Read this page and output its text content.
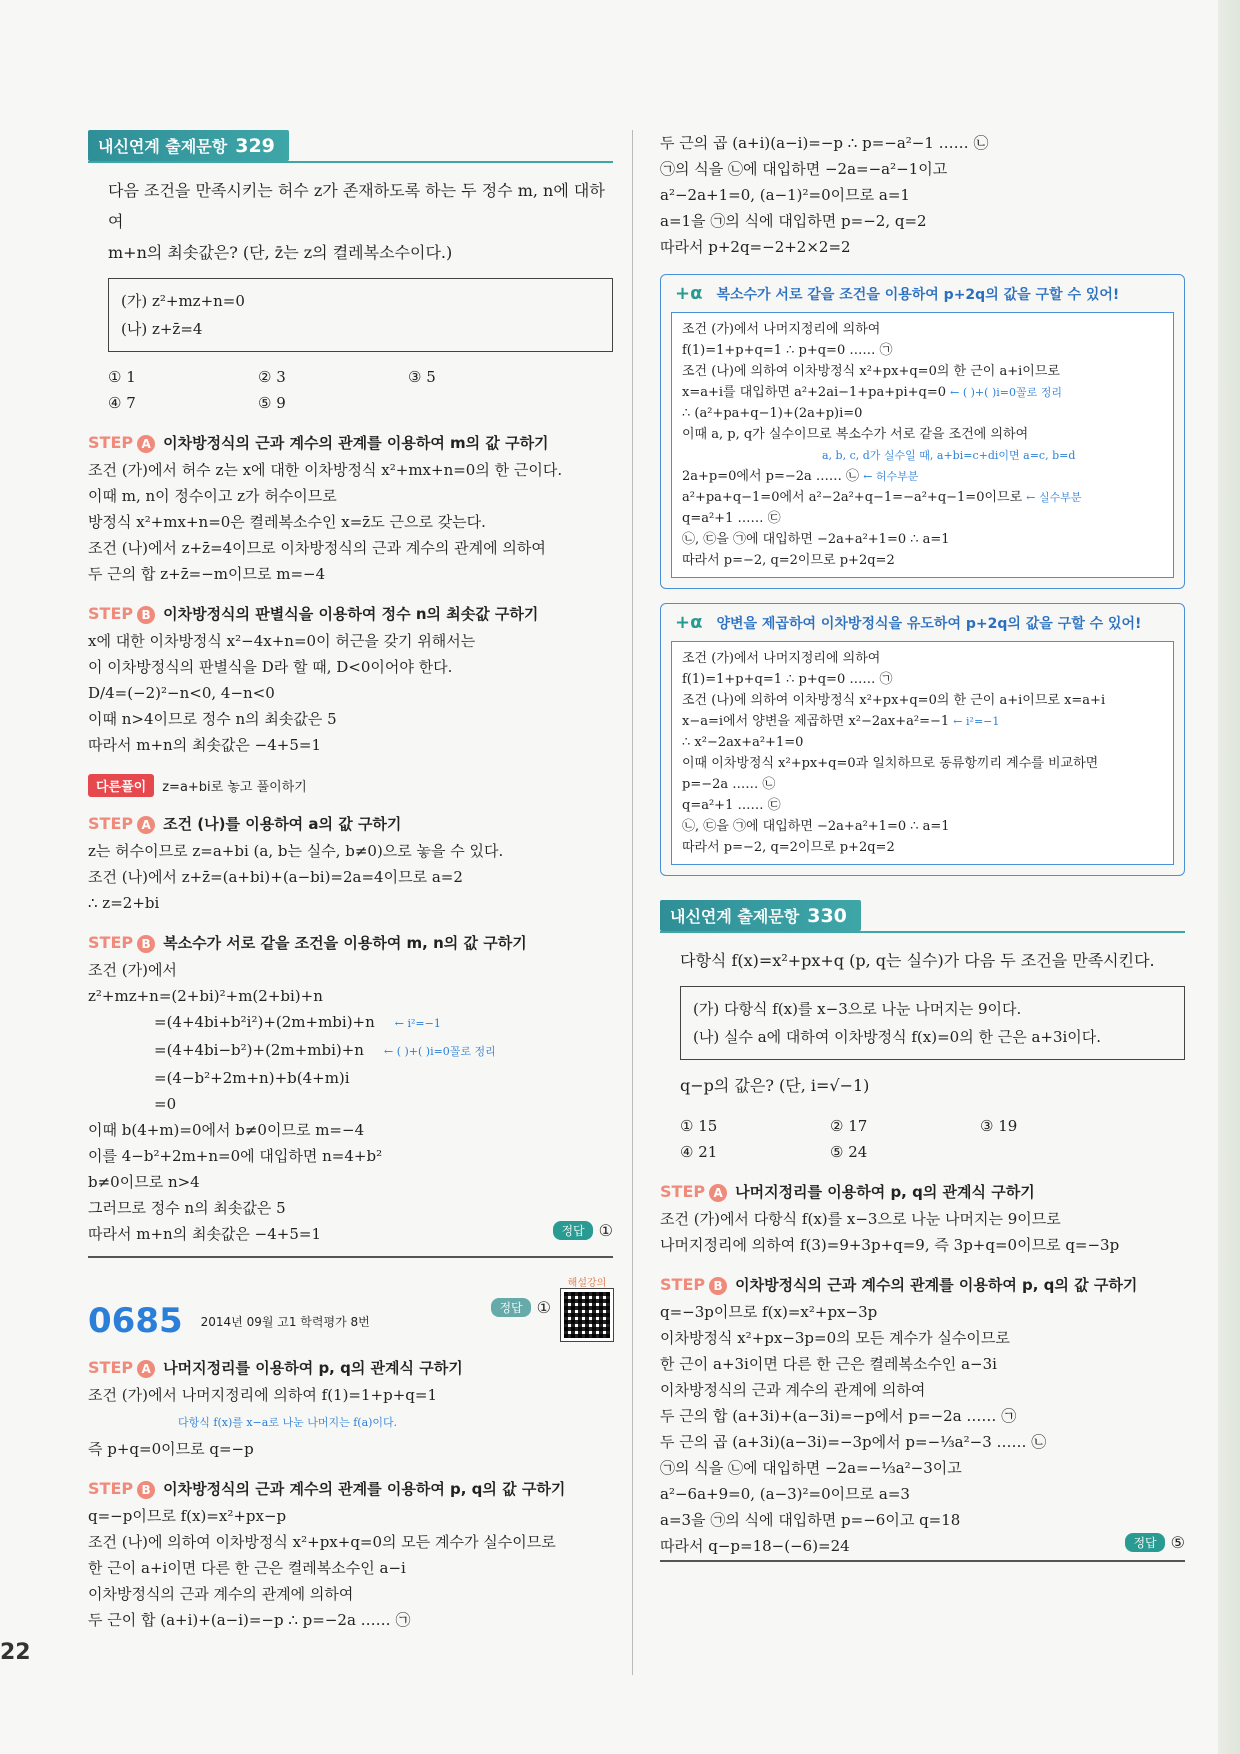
내신연계 출제문항 329
다음 조건을 만족시키는 허수 z가 존재하도록 하는 두 정수 m, n에 대하여
m+n의 최솟값은? (단, z̄는 z의 켤레복소수이다.)
(가) z²+mz+n=0
(나) z+z̄=4
① 1	② 3	③ 5
④ 7	⑤ 9
STEP A 이차방정식의 근과 계수의 관계를 이용하여 m의 값 구하기
조건 (가)에서 허수 z는 x에 대한 이차방정식 x²+mx+n=0의 한 근이다.
이때 m, n이 정수이고 z가 허수이므로
방정식 x²+mx+n=0은 켤레복소수인 x=z̄도 근으로 갖는다.
조건 (나)에서 z+z̄=4이므로 이차방정식의 근과 계수의 관계에 의하여
두 근의 합 z+z̄=−m이므로 m=−4
STEP B 이차방정식의 판별식을 이용하여 정수 n의 최솟값 구하기
x에 대한 이차방정식 x²−4x+n=0이 허근을 갖기 위해서는
이 이차방정식의 판별식을 D라 할 때, D<0이어야 한다.
D/4=(−2)²−n<0, 4−n<0
이때 n>4이므로 정수 n의 최솟값은 5
따라서 m+n의 최솟값은 −4+5=1
다른풀이 z=a+bi로 놓고 풀이하기
STEP A 조건 (나)를 이용하여 a의 값 구하기
z는 허수이므로 z=a+bi (a, b는 실수, b≠0)으로 놓을 수 있다.
조건 (나)에서 z+z̄=(a+bi)+(a−bi)=2a=4이므로 a=2
∴ z=2+bi
STEP B 복소수가 서로 같을 조건을 이용하여 m, n의 값 구하기
조건 (가)에서
z²+mz+n=(2+bi)²+m(2+bi)+n
=(4+4bi+b²i²)+(2m+mbi)+n ← i²=−1
=(4+4bi−b²)+(2m+mbi)+n ← ( )+( )i=0꼴로 정리
=(4−b²+2m+n)+b(4+m)i
=0
이때 b(4+m)=0에서 b≠0이므로 m=−4
이를 4−b²+2m+n=0에 대입하면 n=4+b²
b≠0이므로 n>4
그러므로 정수 n의 최솟값은 5
따라서 m+n의 최솟값은 −4+5=1	정답 ①
0685 2014년 09월 고1 학력평가 8번
정답 ①
해설강의
STEP A 나머지정리를 이용하여 p, q의 관계식 구하기
조건 (가)에서 나머지정리에 의하여 f(1)=1+p+q=1
다항식 f(x)를 x−a로 나눈 나머지는 f(a)이다.
즉 p+q=0이므로 q=−p
STEP B 이차방정식의 근과 계수의 관계를 이용하여 p, q의 값 구하기
q=−p이므로 f(x)=x²+px−p
조건 (나)에 의하여 이차방정식 x²+px+q=0의 모든 계수가 실수이므로
한 근이 a+i이면 다른 한 근은 켤레복소수인 a−i
이차방정식의 근과 계수의 관계에 의하여
두 근이 합 (a+i)+(a−i)=−p ∴ p=−2a …… ㉠
두 근의 곱 (a+i)(a−i)=−p ∴ p=−a²−1 …… ㉡
㉠의 식을 ㉡에 대입하면 −2a=−a²−1이고
a²−2a+1=0, (a−1)²=0이므로 a=1
a=1을 ㉠의 식에 대입하면 p=−2, q=2
따라서 p+2q=−2+2×2=2
+α 복소수가 서로 같을 조건을 이용하여 p+2q의 값을 구할 수 있어!
조건 (가)에서 나머지정리에 의하여
f(1)=1+p+q=1 ∴ p+q=0 …… ㉠
조건 (나)에 의하여 이차방정식 x²+px+q=0의 한 근이 a+i이므로
x=a+i를 대입하면 a²+2ai−1+pa+pi+q=0 ← ( )+( )i=0꼴로 정리
∴ (a²+pa+q−1)+(2a+p)i=0
이때 a, p, q가 실수이므로 복소수가 서로 같을 조건에 의하여
a, b, c, d가 실수일 때, a+bi=c+di이면 a=c, b=d
2a+p=0에서 p=−2a …… ㉡ ← 허수부분
a²+pa+q−1=0에서 a²−2a²+q−1=−a²+q−1=0이므로 ← 실수부분
q=a²+1 …… ㉢
㉡, ㉢을 ㉠에 대입하면 −2a+a²+1=0 ∴ a=1
따라서 p=−2, q=2이므로 p+2q=2
+α 양변을 제곱하여 이차방정식을 유도하여 p+2q의 값을 구할 수 있어!
조건 (가)에서 나머지정리에 의하여
f(1)=1+p+q=1 ∴ p+q=0 …… ㉠
조건 (나)에 의하여 이차방정식 x²+px+q=0의 한 근이 a+i이므로 x=a+i
x−a=i에서 양변을 제곱하면 x²−2ax+a²=−1 ← i²=−1
∴ x²−2ax+a²+1=0
이때 이차방정식 x²+px+q=0과 일치하므로 동류항끼리 계수를 비교하면
p=−2a …… ㉡
q=a²+1 …… ㉢
㉡, ㉢을 ㉠에 대입하면 −2a+a²+1=0 ∴ a=1
따라서 p=−2, q=2이므로 p+2q=2
내신연계 출제문항 330
다항식 f(x)=x²+px+q (p, q는 실수)가 다음 두 조건을 만족시킨다.
(가) 다항식 f(x)를 x−3으로 나눈 나머지는 9이다.
(나) 실수 a에 대하여 이차방정식 f(x)=0의 한 근은 a+3i이다.
q−p의 값은? (단, i=√−1)
① 15	② 17	③ 19
④ 21	⑤ 24
STEP A 나머지정리를 이용하여 p, q의 관계식 구하기
조건 (가)에서 다항식 f(x)를 x−3으로 나눈 나머지는 9이므로
나머지정리에 의하여 f(3)=9+3p+q=9, 즉 3p+q=0이므로 q=−3p
STEP B 이차방정식의 근과 계수의 관계를 이용하여 p, q의 값 구하기
q=−3p이므로 f(x)=x²+px−3p
이차방정식 x²+px−3p=0의 모든 계수가 실수이므로
한 근이 a+3i이면 다른 한 근은 켤레복소수인 a−3i
이차방정식의 근과 계수의 관계에 의하여
두 근의 합 (a+3i)+(a−3i)=−p에서 p=−2a …… ㉠
두 근의 곱 (a+3i)(a−3i)=−3p에서 p=−⅓a²−3 …… ㉡
㉠의 식을 ㉡에 대입하면 −2a=−⅓a²−3이고
a²−6a+9=0, (a−3)²=0이므로 a=3
a=3을 ㉠의 식에 대입하면 p=−6이고 q=18
따라서 q−p=18−(−6)=24	정답 ⑤
22
